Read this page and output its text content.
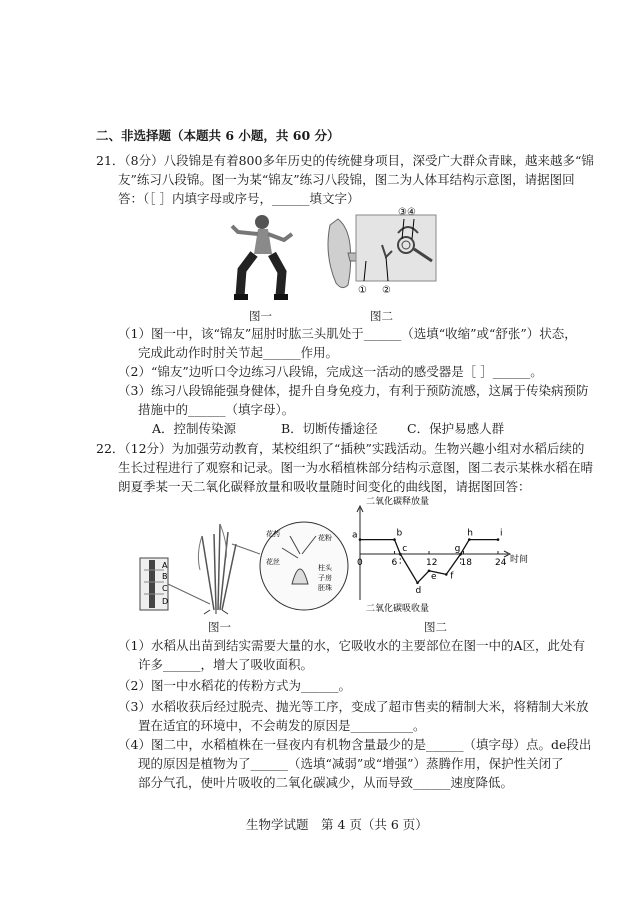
二、非选择题（本题共 6 小题，共 60 分）
21．（8分）八段锦是有着800多年历史的传统健身项目，深受广大群众青睐，越来越多“锦
友”练习八段锦。图一为某“锦友”练习八段锦，图二为人体耳结构示意图，请据图回
答：（［ ］内填字母或序号，______填文字）
图一
③④
① ②
图二
（1）图一中，该“锦友”屈肘时肱三头肌处于______（选填“收缩”或“舒张”）状态，
完成此动作时肘关节起______作用。
（2）“锦友”边听口令边练习八段锦，完成这一活动的感受器是［ ］______。
（3）练习八段锦能强身健体，提升自身免疫力，有利于预防流感，这属于传染病预防
措施中的______（填字母）。
A．控制传染源	B．切断传播途径 C．保护易感人群
22．（12分）为加强劳动教育，某校组织了“插秧”实践活动。生物兴趣小组对水稻后续的
生长过程进行了观察和记录。图一为水稻植株部分结构示意图，图二表示某株水稻在晴
朗夏季某一天二氧化碳释放量和吸收量随时间变化的曲线图，请据图回答：
A
B
C
D
花药
花丝
花粉
柱头
子房
胚珠
图一
0	6	12	18	24
a	b
c
d
e f
g
h	i
二氧化碳释放量
二氧化碳吸收量
时间
图二
（1）水稻从出苗到结实需要大量的水，它吸收水的主要部位在图一中的A区，此处有
许多______，增大了吸收面积。
（2）图一中水稻花的传粉方式为______。
（3）水稻收获后经过脱壳、抛光等工序，变成了超市售卖的精制大米，将精制大米放
置在适宜的环境中，不会萌发的原因是__________。
（4）图二中，水稻植株在一昼夜内有机物含量最少的是______（填字母）点。de段出
现的原因是植物为了______（选填“减弱”或“增强”）蒸腾作用，保护性关闭了
部分气孔，使叶片吸收的二氧化碳减少，从而导致______速度降低。
生物学试题　第 4 页（共 6 页）
